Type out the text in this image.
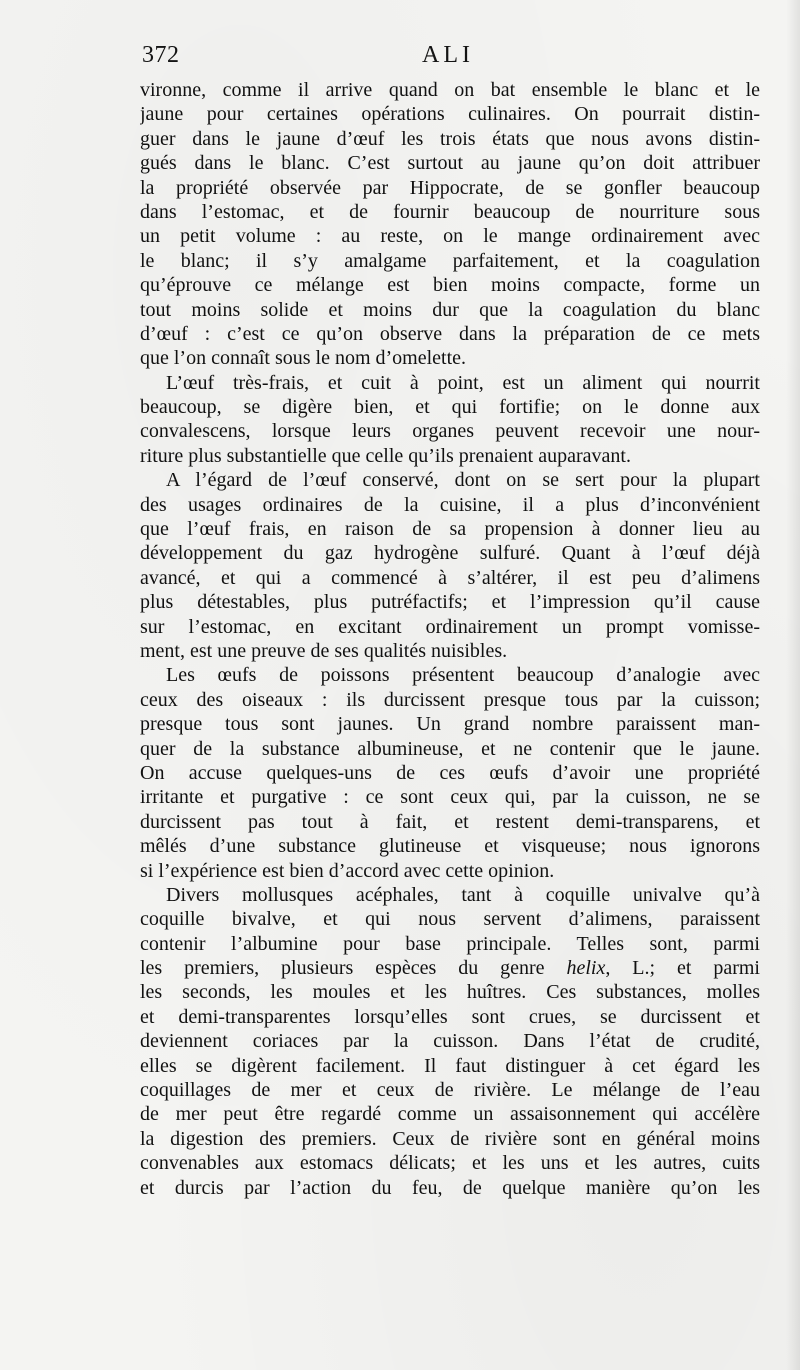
372	ALI
vironne, comme il arrive quand on bat ensemble le blanc et le
jaune pour certaines opérations culinaires. On pourrait distin-
guer dans le jaune d’œuf les trois états que nous avons distin-
gués dans le blanc. C’est surtout au jaune qu’on doit attribuer
la propriété observée par Hippocrate, de se gonfler beaucoup
dans l’estomac, et de fournir beaucoup de nourriture sous
un petit volume : au reste, on le mange ordinairement avec
le blanc; il s’y amalgame parfaitement, et la coagulation
qu’éprouve ce mélange est bien moins compacte, forme un
tout moins solide et moins dur que la coagulation du blanc
d’œuf : c’est ce qu’on observe dans la préparation de ce mets
que l’on connaît sous le nom d’omelette.
L’œuf très-frais, et cuit à point, est un aliment qui nourrit
beaucoup, se digère bien, et qui fortifie; on le donne aux
convalescens, lorsque leurs organes peuvent recevoir une nour-
riture plus substantielle que celle qu’ils prenaient auparavant.
A l’égard de l’œuf conservé, dont on se sert pour la plupart
des usages ordinaires de la cuisine, il a plus d’inconvénient
que l’œuf frais, en raison de sa propension à donner lieu au
développement du gaz hydrogène sulfuré. Quant à l’œuf déjà
avancé, et qui a commencé à s’altérer, il est peu d’alimens
plus détestables, plus putréfactifs; et l’impression qu’il cause
sur l’estomac, en excitant ordinairement un prompt vomisse-
ment, est une preuve de ses qualités nuisibles.
Les œufs de poissons présentent beaucoup d’analogie avec
ceux des oiseaux : ils durcissent presque tous par la cuisson;
presque tous sont jaunes. Un grand nombre paraissent man-
quer de la substance albumineuse, et ne contenir que le jaune.
On accuse quelques-uns de ces œufs d’avoir une propriété
irritante et purgative : ce sont ceux qui, par la cuisson, ne se
durcissent pas tout à fait, et restent demi-transparens, et
mêlés d’une substance glutineuse et visqueuse; nous ignorons
si l’expérience est bien d’accord avec cette opinion.
Divers mollusques acéphales, tant à coquille univalve qu’à
coquille bivalve, et qui nous servent d’alimens, paraissent
contenir l’albumine pour base principale. Telles sont, parmi
les premiers, plusieurs espèces du genre helix, L.; et parmi
les seconds, les moules et les huîtres. Ces substances, molles
et demi-transparentes lorsqu’elles sont crues, se durcissent et
deviennent coriaces par la cuisson. Dans l’état de crudité,
elles se digèrent facilement. Il faut distinguer à cet égard les
coquillages de mer et ceux de rivière. Le mélange de l’eau
de mer peut être regardé comme un assaisonnement qui accélère
la digestion des premiers. Ceux de rivière sont en général moins
convenables aux estomacs délicats; et les uns et les autres, cuits
et durcis par l’action du feu, de quelque manière qu’on les
